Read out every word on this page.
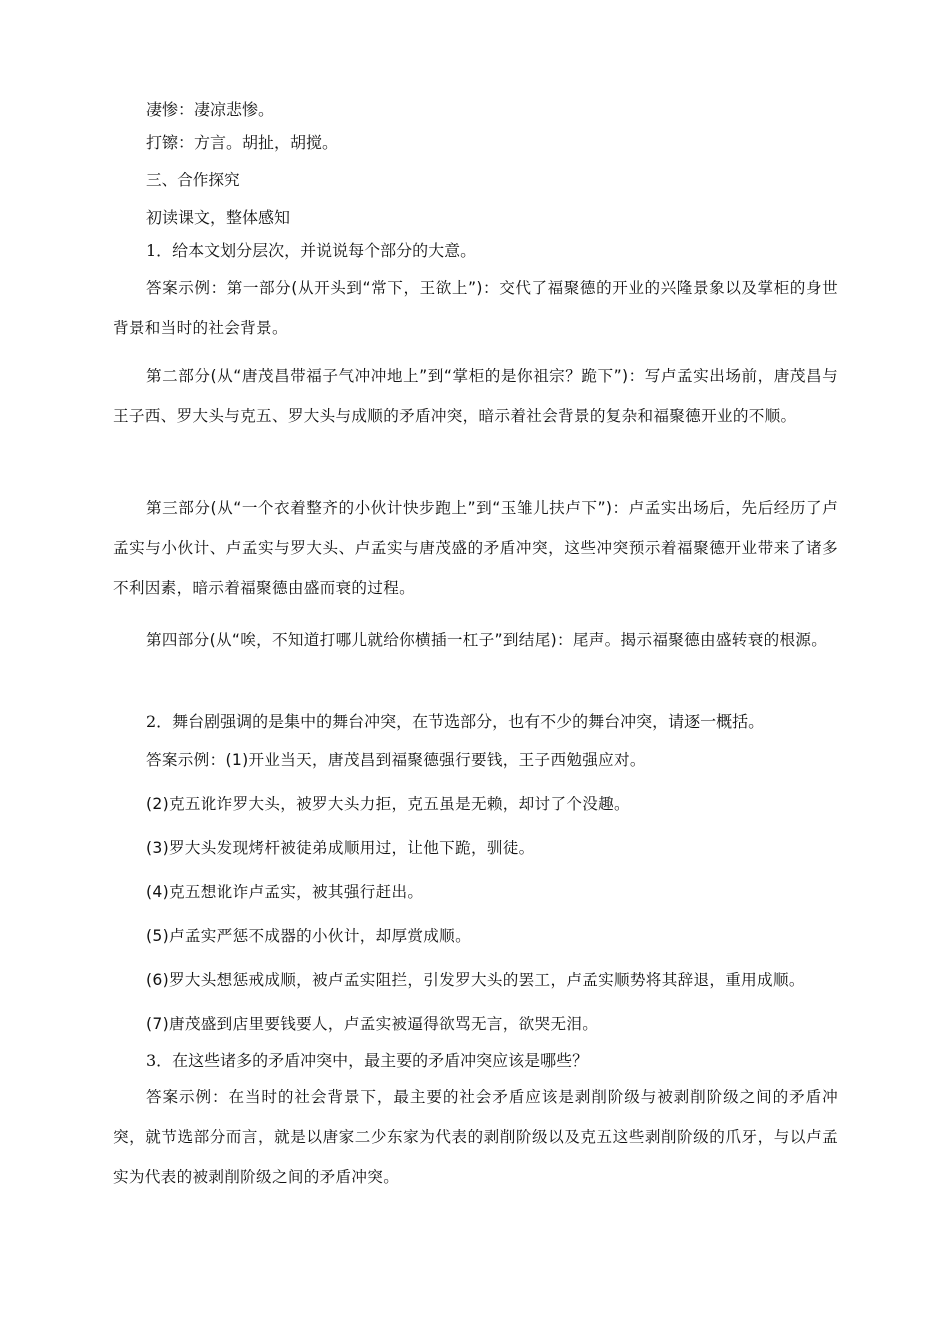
凄惨：凄凉悲惨。

打镲：方言。胡扯，胡搅。

三、合作探究

初读课文，整体感知

1．给本文划分层次，并说说每个部分的大意。

答案示例：第一部分(从开头到“常下，王欲上”)：交代了福聚德的开业的兴隆景象以及掌柜的身世背景和当时的社会背景。

第二部分(从“唐茂昌带福子气冲冲地上”到“掌柜的是你祖宗？跪下”)：写卢孟实出场前，唐茂昌与王子西、罗大头与克五、罗大头与成顺的矛盾冲突，暗示着社会背景的复杂和福聚德开业的不顺。

第三部分(从“一个衣着整齐的小伙计快步跑上”到“玉雏儿扶卢下”)：卢孟实出场后，先后经历了卢孟实与小伙计、卢孟实与罗大头、卢孟实与唐茂盛的矛盾冲突，这些冲突预示着福聚德开业带来了诸多不利因素，暗示着福聚德由盛而衰的过程。

第四部分(从“唉，不知道打哪儿就给你横插一杠子”到结尾)：尾声。揭示福聚德由盛转衰的根源。

2．舞台剧强调的是集中的舞台冲突，在节选部分，也有不少的舞台冲突，请逐一概括。

答案示例：(1)开业当天，唐茂昌到福聚德强行要钱，王子西勉强应对。

(2)克五讹诈罗大头，被罗大头力拒，克五虽是无赖，却讨了个没趣。

(3)罗大头发现烤杆被徒弟成顺用过，让他下跪，驯徒。

(4)克五想讹诈卢孟实，被其强行赶出。

(5)卢孟实严惩不成器的小伙计，却厚赏成顺。

(6)罗大头想惩戒成顺，被卢孟实阻拦，引发罗大头的罢工，卢孟实顺势将其辞退，重用成顺。

(7)唐茂盛到店里要钱要人，卢孟实被逼得欲骂无言，欲哭无泪。

3．在这些诸多的矛盾冲突中，最主要的矛盾冲突应该是哪些？

答案示例：在当时的社会背景下，最主要的社会矛盾应该是剥削阶级与被剥削阶级之间的矛盾冲突，就节选部分而言，就是以唐家二少东家为代表的剥削阶级以及克五这些剥削阶级的爪牙，与以卢孟实为代表的被剥削阶级之间的矛盾冲突。
